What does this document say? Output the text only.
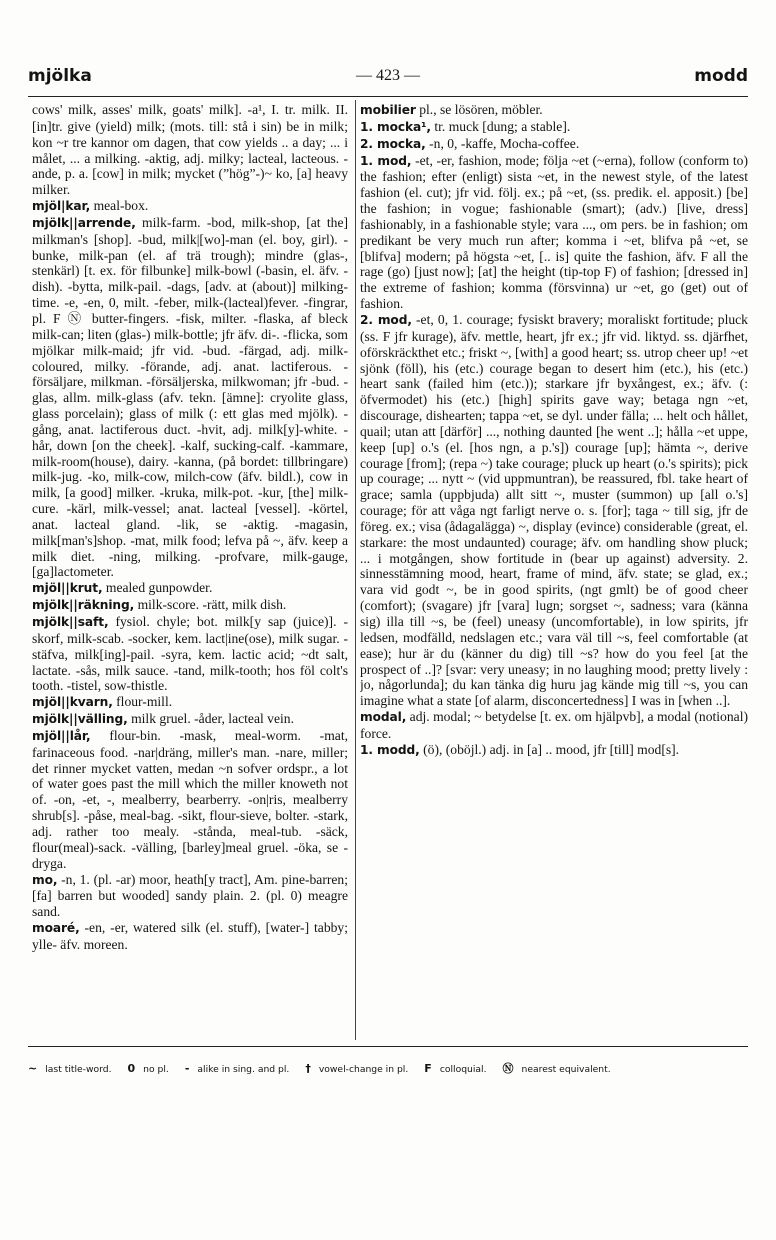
mjölka	— 423 —	modd

cows' milk, asses' milk, goats' milk]. -a¹, I. tr. milk. II. [in]tr. give (yield) milk; (mots. till: stå i sin) be in milk; kon ~r tre kannor om dagen, that cow yields .. a day; ... i målet, ... a milking. -aktig, adj. milky; lacteal, lacteous. -ande, p. a. [cow] in milk; mycket (”hög”-)~ ko, [a] heavy milker.

mjöl|kar, meal-box.

mjölk||arrende, milk-farm. -bod, milk-shop, [at the] milkman's [shop]. -bud, milk|[wo]-man (el. boy, girl). -bunke, milk-pan (el. af trä trough); mindre (glas-, stenkärl) [t. ex. för filbunke] milk-bowl (-basin, el. äfv. -dish). -bytta, milk-pail. -dags, [adv. at (about)] milking-time. -e, -en, 0, milt. -feber, milk-(lacteal)fever. -fingrar, pl. F Ⓝ butter-fingers. -fisk, milter. -flaska, af bleck milk-can; liten (glas-) milk-bottle; jfr äfv. di-. -flicka, som mjölkar milk-maid; jfr vid. -bud. -färgad, adj. milk-coloured, milky. -förande, adj. anat. lactiferous. -försäljare, milkman. -försäljerska, milkwoman; jfr -bud. -glas, allm. milk-glass (afv. tekn. [ämne]: cryolite glass, glass porcelain); glass of milk (: ett glas med mjölk). -gång, anat. lactiferous duct. -hvit, adj. milk[y]-white. -hår, down [on the cheek]. -kalf, sucking-calf. -kammare, milk-room(house), dairy. -kanna, (på bordet: tillbringare) milk-jug. -ko, milk-cow, milch-cow (äfv. bildl.), cow in milk, [a good] milker. -kruka, milk-pot. -kur, [the] milk-cure. -kärl, milk-vessel; anat. lacteal [vessel]. -körtel, anat. lacteal gland. -lik, se -aktig. -magasin, milk[man's]shop. -mat, milk food; lefva på ~, äfv. keep a milk diet. -ning, milking. -profvare, milk-gauge, [ga]lactometer.

mjöl||krut, mealed gunpowder.

mjölk||räkning, milk-score. -rätt, milk dish.

mjölk||saft, fysiol. chyle; bot. milk[y sap (juice)]. -skorf, milk-scab. -socker, kem. lact|ine(ose), milk sugar. -stäfva, milk[ing]-pail. -syra, kem. lactic acid; ~dt salt, lactate. -sås, milk sauce. -tand, milk-tooth; hos föl colt's tooth. -tistel, sow-thistle.

mjöl||kvarn, flour-mill.

mjölk||välling, milk gruel. -åder, lacteal vein.

mjöl||lår, flour-bin. -mask, meal-worm. -mat, farinaceous food. -nar|dräng, miller's man. -nare, miller; det rinner mycket vatten, medan ~n sofver ordspr., a lot of water goes past the mill which the miller knoweth not of. -on, -et, -, mealberry, bearberry. -on|ris, mealberry shrub[s]. -påse, meal-bag. -sikt, flour-sieve, bolter. -stark, adj. rather too mealy. -stånda, meal-tub. -säck, flour(meal)-sack. -välling, [barley]meal gruel. -öka, se -dryga.

mo, -n, 1. (pl. -ar) moor, heath[y tract], Am. pine-barren; [fa] barren but wooded] sandy plain. 2. (pl. 0) meagre sand.

moaré, -en, -er, watered silk (el. stuff), [water-] tabby; ylle- äfv. moreen.

mobilier pl., se lösören, möbler.

1. mocka¹, tr. muck [dung; a stable].

2. mocka, -n, 0, -kaffe, Mocha-coffee.

1. mod, -et, -er, fashion, mode; följa ~et (~erna), follow (conform to) the fashion; efter (enligt) sista ~et, in the newest style, of the latest fashion (el. cut); jfr vid. följ. ex.; på ~et, (ss. predik. el. apposit.) [be] the fashion; in vogue; fashionable (smart); (adv.) [live, dress] fashionably, in a fashionable style; vara ..., om pers. be in fashion; om predikant be very much run after; komma i ~et, blifva på ~et, se [blifva] modern; på högsta ~et, [.. is] quite the fashion, äfv. F all the rage (go) [just now]; [at] the height (tip-top F) of fashion; [dressed in] the extreme of fashion; komma (försvinna) ur ~et, go (get) out of fashion.

2. mod, -et, 0, 1. courage; fysiskt bravery; moraliskt fortitude; pluck (ss. F jfr kurage), äfv. mettle, heart, jfr ex.; jfr vid. liktyd. ss. djärfhet, oförskräckthet etc.; friskt ~, [with] a good heart; ss. utrop cheer up! ~et sjönk (föll), his (etc.) courage began to desert him (etc.), his (etc.) heart sank (failed him (etc.)); starkare jfr byxångest, ex.; äfv. (: öfvermodet) his (etc.) [high] spirits gave way; betaga ngn ~et, discourage, dishearten; tappa ~et, se dyl. under fälla; ... helt och hållet, quail; utan att [därför] ..., nothing daunted [he went ..]; hålla ~et uppe, keep [up] o.'s (el. [hos ngn, a p.'s]) courage [up]; hämta ~, derive courage [from]; (repa ~) take courage; pluck up heart (o.'s spirits); pick up courage; ... nytt ~ (vid uppmuntran), be reassured, fbl. take heart of grace; samla (uppbjuda) allt sitt ~, muster (summon) up [all o.'s] courage; för att våga ngt farligt nerve o. s. [for]; taga ~ till sig, jfr de föreg. ex.; visa (ådagalägga) ~, display (evince) considerable (great, el. starkare: the most undaunted) courage; äfv. om handling show pluck; ... i motgången, show fortitude in (bear up against) adversity. 2. sinnesstämning mood, heart, frame of mind, äfv. state; se glad, ex.; vara vid godt ~, be in good spirits, (ngt gmlt) be of good cheer (comfort); (svagare) jfr [vara] lugn; sorgset ~, sadness; vara (känna sig) illa till ~s, be (feel) uneasy (uncomfortable), in low spirits, jfr ledsen, modfälld, nedslagen etc.; vara väl till ~s, feel comfortable (at ease); hur är du (känner du dig) till ~s? how do you feel [at the prospect of ..]? [svar: very uneasy; in no laughing mood; pretty lively : jo, någorlunda]; du kan tänka dig huru jag kände mig till ~s, you can imagine what a state [of alarm, disconcertedness] I was in [when ..].

modal, adj. modal; ~ betydelse [t. ex. om hjälpvb], a modal (notional) force.

1. modd, (ö), (oböjl.) adj. in [a] .. mood, jfr [till] mod[s].

~ last title-word. 0 no pl. - alike in sing. and pl. † vowel-change in pl. F colloquial. Ⓝ nearest equivalent.
